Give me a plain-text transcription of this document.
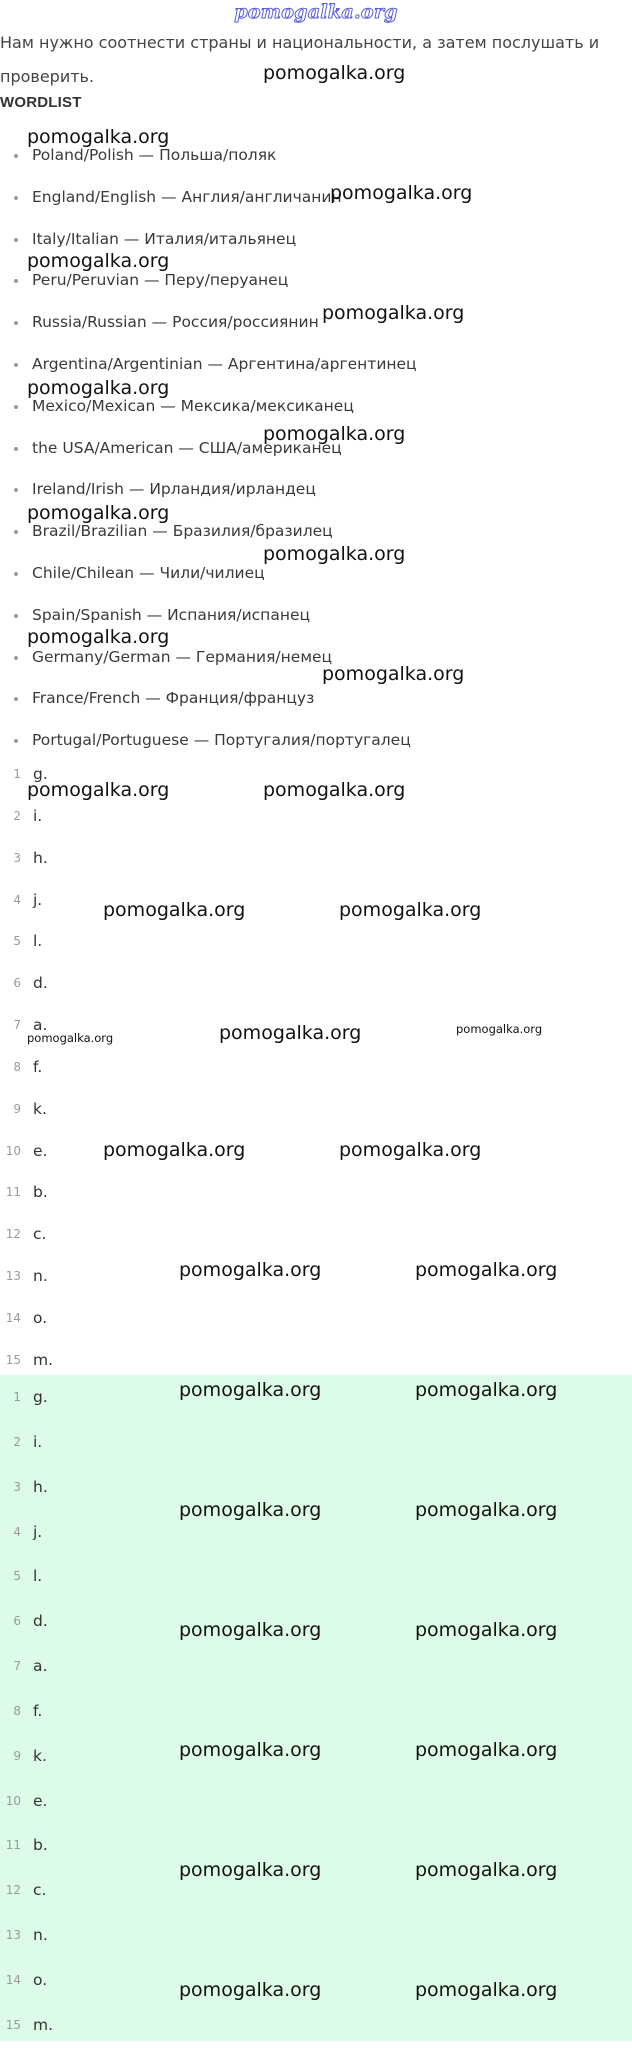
pomogalka.org
Нам нужно соотнести страны и национальности, а затем послушать и проверить.
WORDLIST
Poland/Polish — Польша/поляк
England/English — Англия/англичанин
Italy/Italian — Италия/итальянец
Peru/Peruvian — Перу/перуанец
Russia/Russian — Россия/россиянин
Argentina/Argentinian — Аргентина/аргентинец
Mexico/Mexican — Мексика/мексиканец
the USA/American — США/американец
Ireland/Irish — Ирландия/ирландец
Brazil/Brazilian — Бразилия/бразилец
Chile/Chilean — Чили/чилиец
Spain/Spanish — Испания/испанец
Germany/German — Германия/немец
France/French — Франция/француз
Portugal/Portuguese — Португалия/португалец
1 g.
2 i.
3 h.
4 j.
5 l.
6 d.
7 a.
8 f.
9 k.
10 e.
11 b.
12 c.
13 n.
14 o.
15 m.
1 g.
2 i.
3 h.
4 j.
5 l.
6 d.
7 a.
8 f.
9 k.
10 e.
11 b.
12 c.
13 n.
14 o.
15 m.
pomogalka.org
pomogalka.org
pomogalka.org
pomogalka.org
pomogalka.org
pomogalka.org
pomogalka.org
pomogalka.org
pomogalka.org
pomogalka.org
pomogalka.org
pomogalka.org	pomogalka.org
pomogalka.org	pomogalka.org
pomogalka.org
pomogalka.org	pomogalka.org
pomogalka.org	pomogalka.org
pomogalka.org	pomogalka.org
pomogalka.org	pomogalka.org
pomogalka.org	pomogalka.org
pomogalka.org	pomogalka.org
pomogalka.org	pomogalka.org
pomogalka.org	pomogalka.org
pomogalka.org
pomogalka.org
